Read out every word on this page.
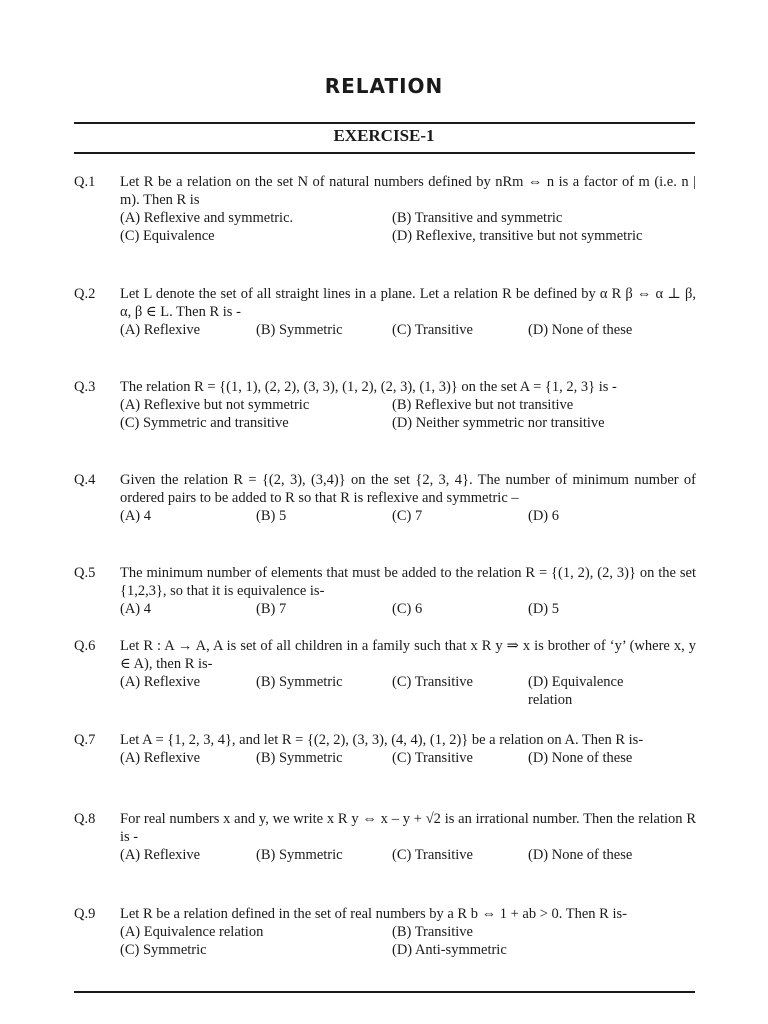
RELATION
EXERCISE-1
Q.1	Let R be a relation on the set N of natural numbers defined by nRm ⇔ n is a factor of m (i.e. n | m). Then R is
(A) Reflexive and symmetric.	(B) Transitive and symmetric
(C) Equivalence	(D) Reflexive, transitive but not symmetric
Q.2	Let L denote the set of all straight lines in a plane. Let a relation R be defined by α R β ⇔ α ⊥ β, α, β ∈ L. Then R is -
(A) Reflexive	(B) Symmetric	(C) Transitive	(D) None of these
Q.3	The relation R = {(1, 1), (2, 2), (3, 3), (1, 2), (2, 3), (1, 3)} on the set A = {1, 2, 3} is -
(A) Reflexive but not symmetric	(B) Reflexive but not transitive
(C) Symmetric and transitive	(D) Neither symmetric nor transitive
Q.4	Given the relation R = {(2, 3), (3,4)} on the set {2, 3, 4}. The number of minimum number of ordered pairs to be added to R so that R is reflexive and symmetric –
(A) 4	(B) 5	(C) 7	(D) 6
Q.5	The minimum number of elements that must be added to the relation R = {(1, 2), (2, 3)} on the set {1,2,3}, so that it is equivalence is-
(A) 4	(B) 7	(C) 6	(D) 5
Q.6	Let R : A → A, A is set of all children in a family such that x R y ⇒ x is brother of ‘y’ (where x, y ∈ A), then R is-
(A) Reflexive	(B) Symmetric	(C) Transitive	(D) Equivalence relation
Q.7	Let A = {1, 2, 3, 4}, and let R = {(2, 2), (3, 3), (4, 4), (1, 2)} be a relation on A. Then R is-
(A) Reflexive	(B) Symmetric	(C) Transitive	(D) None of these
Q.8	For real numbers x and y, we write x R y ⇔ x – y + √2 is an irrational number. Then the relation R is -
(A) Reflexive	(B) Symmetric	(C) Transitive	(D) None of these
Q.9	Let R be a relation defined in the set of real numbers by a R b ⇔ 1 + ab > 0. Then R is-
(A) Equivalence relation	(B) Transitive
(C) Symmetric	(D) Anti-symmetric
